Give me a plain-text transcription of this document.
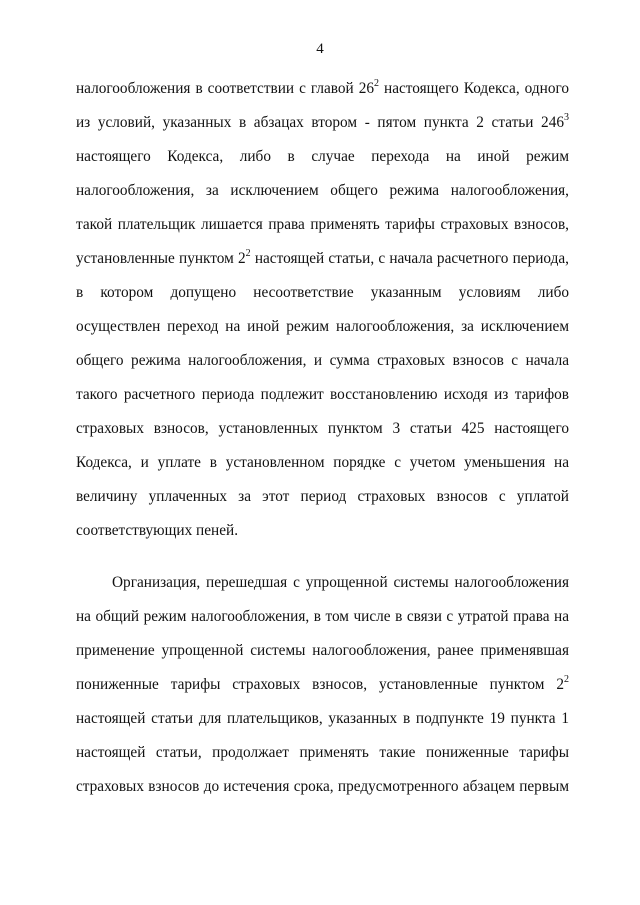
4
налогообложения в соответствии с главой $26^2$ настоящего Кодекса, одного
из условий, указанных в абзацах втором - пятом пункта 2 статьи $246^3$
настоящего Кодекса, либо в случае перехода на иной режим
налогообложения, за исключением общего режима налогообложения,
такой плательщик лишается права применять тарифы страховых взносов,
установленные пунктом $2^2$ настоящей статьи, с начала расчетного периода,
в котором допущено несоответствие указанным условиям либо
осуществлен переход на иной режим налогообложения, за исключением
общего режима налогообложения, и сумма страховых взносов с начала
такого расчетного периода подлежит восстановлению исходя из тарифов
страховых взносов, установленных пунктом 3 статьи 425 настоящего
Кодекса, и уплате в установленном порядке с учетом уменьшения на
величину уплаченных за этот период страховых взносов с уплатой
соответствующих пеней.
Организация, перешедшая с упрощенной системы налогообложения
на общий режим налогообложения, в том числе в связи с утратой права на
применение упрощенной системы налогообложения, ранее применявшая
пониженные тарифы страховых взносов, установленные пунктом $2^2$
настоящей статьи для плательщиков, указанных в подпункте 19 пункта 1
настоящей статьи, продолжает применять такие пониженные тарифы
страховых взносов до истечения срока, предусмотренного абзацем первым
